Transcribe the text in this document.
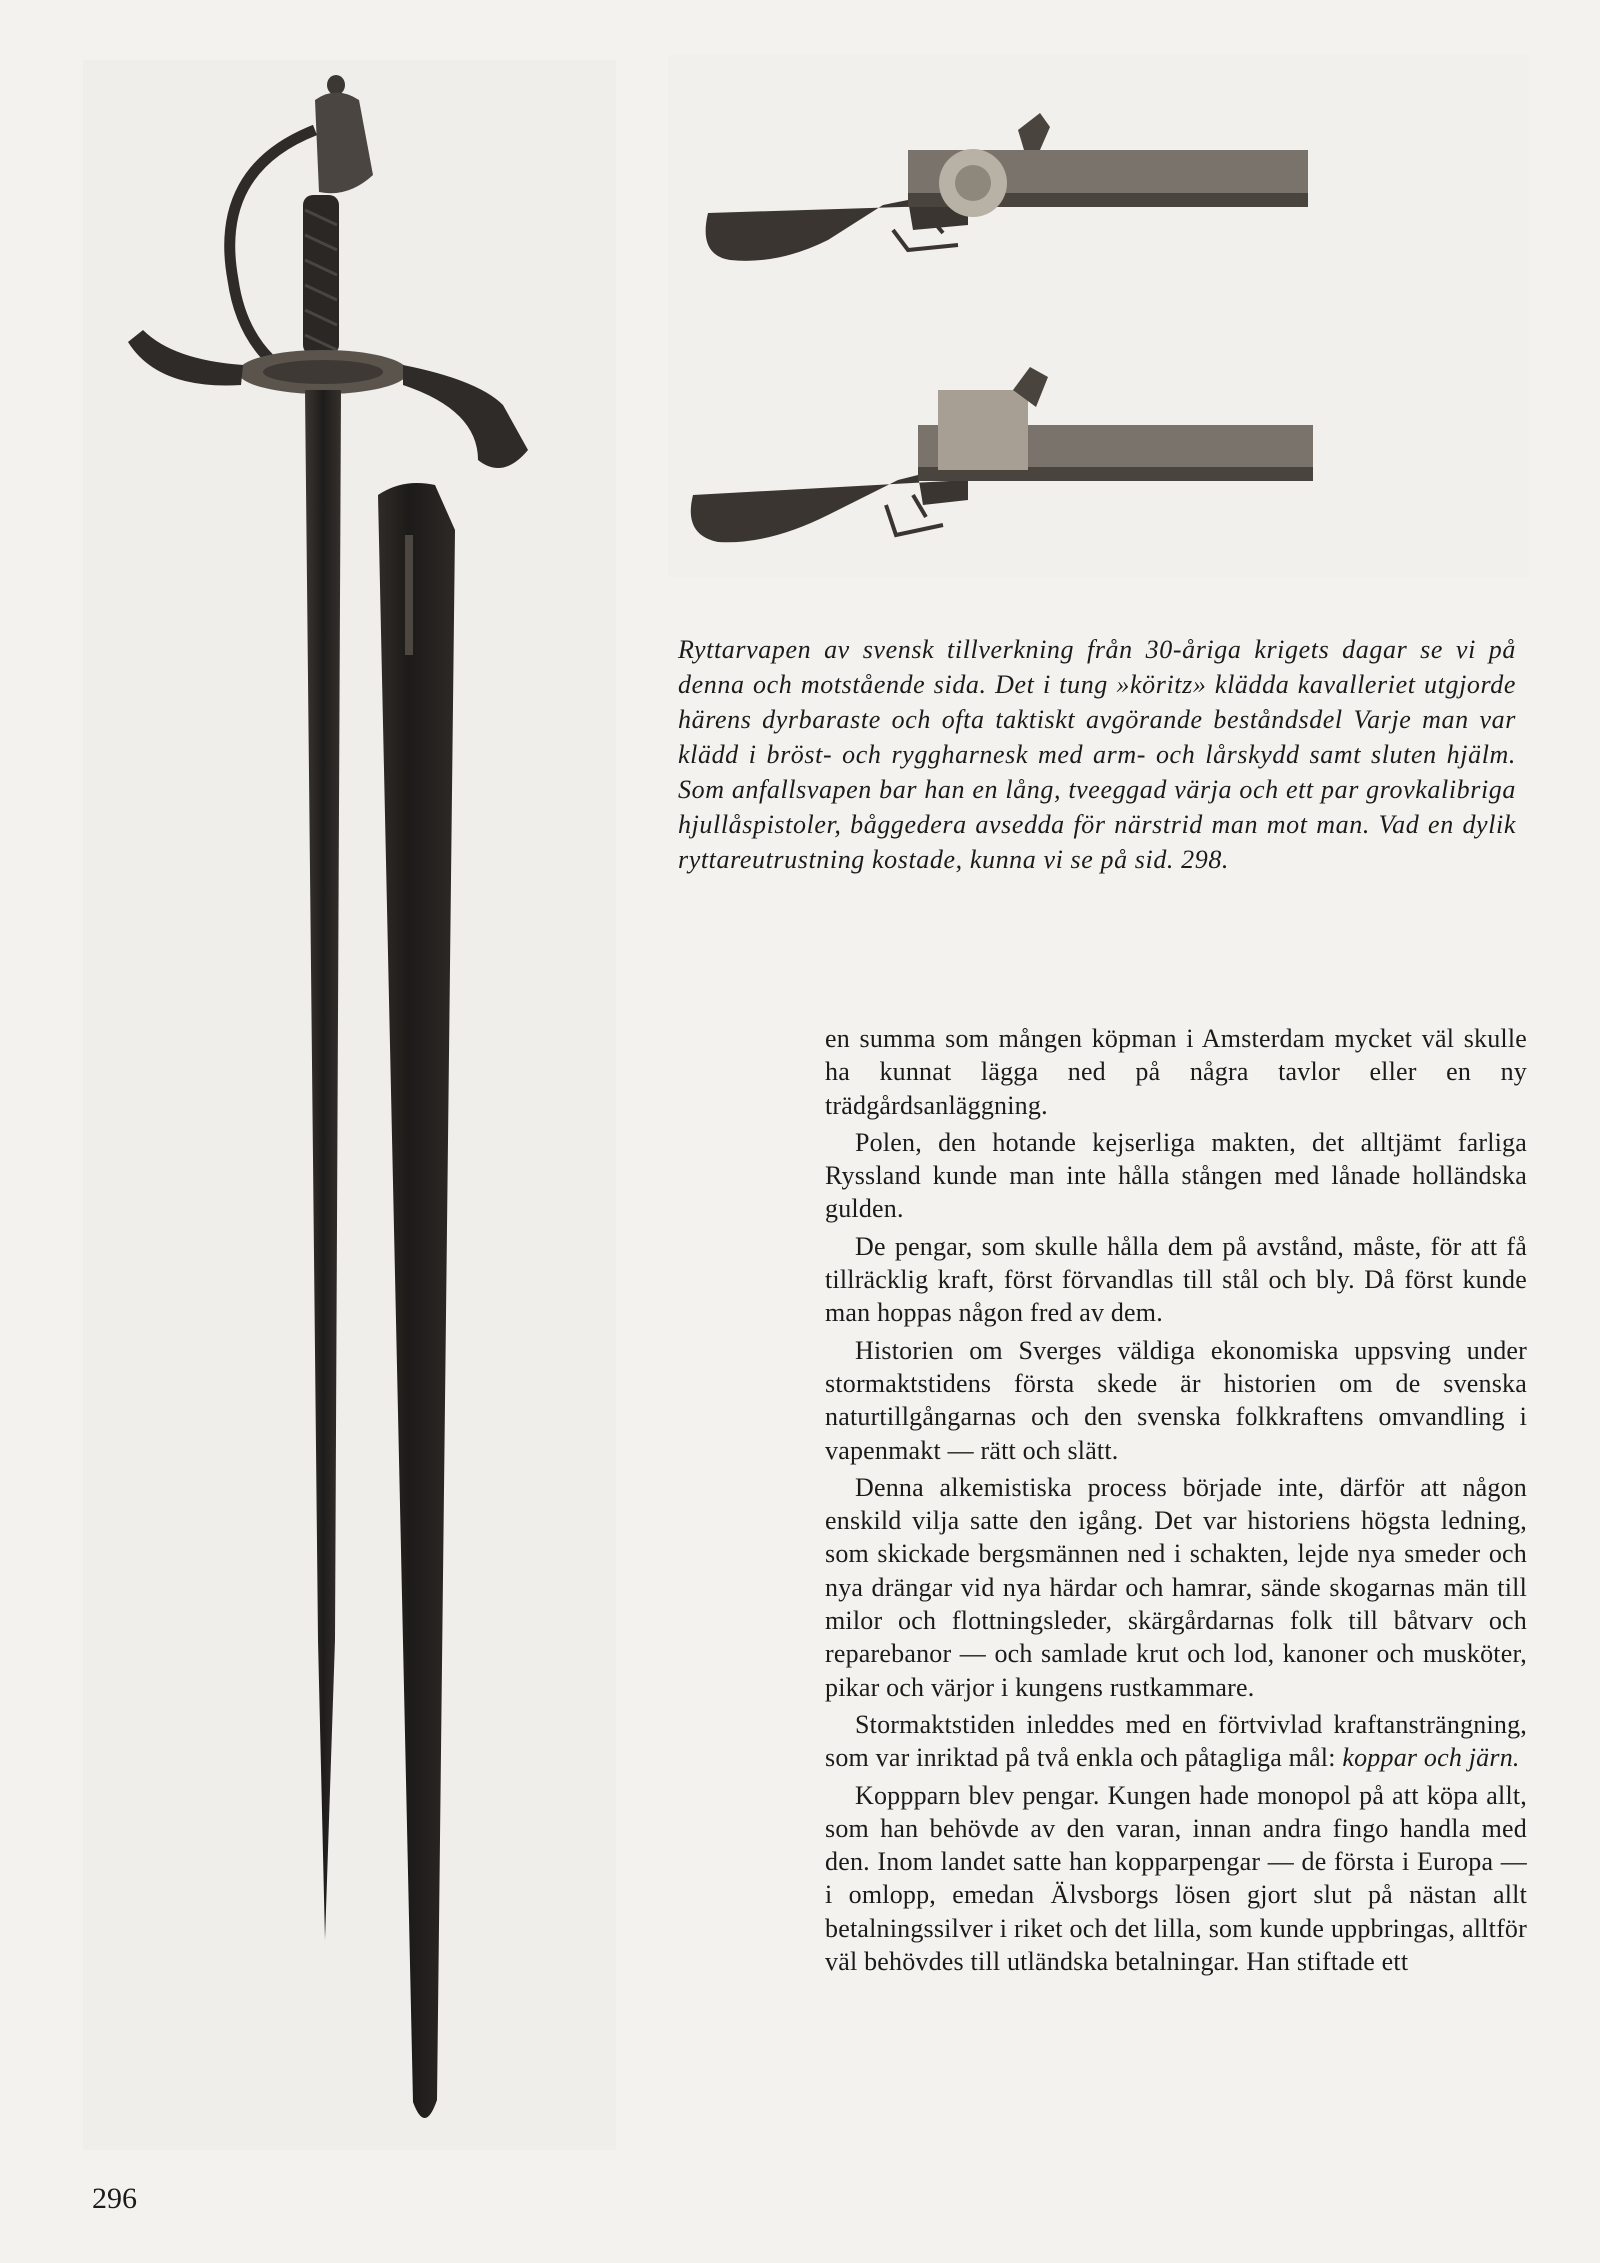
Ryttarvapen av svensk tillverkning från 30-åriga krigets dagar se vi på denna och motstående sida. Det i tung »köritz» klädda kavalleriet utgjorde härens dyrbaraste och ofta taktiskt avgörande beståndsdel Varje man var klädd i bröst- och ryggharnesk med arm- och lårskydd samt sluten hjälm. Som anfallsvapen bar han en lång, tveeggad värja och ett par grovkalibriga hjullåspistoler, båggedera avsedda för närstrid man mot man. Vad en dylik ryttareutrustning kostade, kunna vi se på sid. 298.

en summa som mången köpman i Amsterdam mycket väl skulle ha kunnat lägga ned på några tavlor eller en ny trädgårdsanläggning.

Polen, den hotande kejserliga makten, det alltjämt farliga Ryssland kunde man inte hålla stången med lånade holländska gulden.

De pengar, som skulle hålla dem på avstånd, måste, för att få tillräcklig kraft, först förvandlas till stål och bly. Då först kunde man hoppas någon fred av dem.

Historien om Sverges väldiga ekonomiska uppsving under stormaktstidens första skede är historien om de svenska naturtillgångarnas och den svenska folkkraftens omvandling i vapenmakt — rätt och slätt.

Denna alkemistiska process började inte, därför att någon enskild vilja satte den igång. Det var historiens högsta ledning, som skickade bergsmännen ned i schakten, lejde nya smeder och nya drängar vid nya härdar och hamrar, sände skogarnas män till milor och flottningsleder, skärgårdarnas folk till båtvarv och reparebanor — och samlade krut och lod, kanoner och musköter, pikar och värjor i kungens rustkammare.

Stormaktstiden inleddes med en förtvivlad kraftansträngning, som var inriktad på två enkla och påtagliga mål: koppar och järn.

Koppparn blev pengar. Kungen hade monopol på att köpa allt, som han behövde av den varan, innan andra fingo handla med den. Inom landet satte han kopparpengar — de första i Europa — i omlopp, emedan Älvsborgs lösen gjort slut på nästan allt betalningssilver i riket och det lilla, som kunde uppbringas, alltför väl behövdes till utländska betalningar. Han stiftade ett

296
